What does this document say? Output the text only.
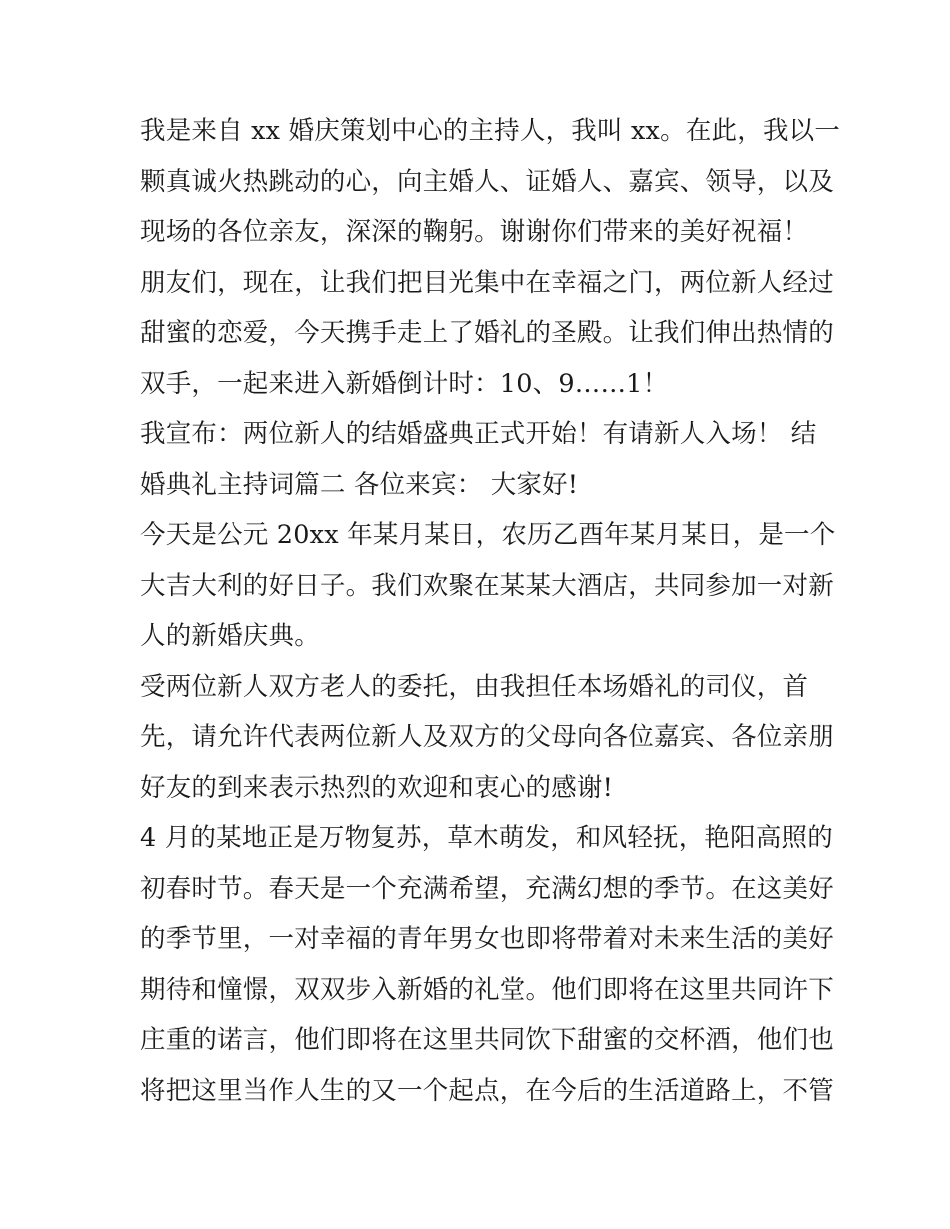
我是来自 xx 婚庆策划中心的主持人，我叫 xx。在此，我以一
颗真诚火热跳动的心，向主婚人、证婚人、嘉宾、领导，以及
现场的各位亲友，深深的鞠躬。谢谢你们带来的美好祝福！
朋友们，现在，让我们把目光集中在幸福之门，两位新人经过
甜蜜的恋爱，今天携手走上了婚礼的圣殿。让我们伸出热情的
双手，一起来进入新婚倒计时：10、9……1！
我宣布：两位新人的结婚盛典正式开始！有请新人入场！ 结
婚典礼主持词篇二 各位来宾： 大家好!
今天是公元 20xx 年某月某日，农历乙酉年某月某日，是一个
大吉大利的好日子。我们欢聚在某某大酒店，共同参加一对新
人的新婚庆典。
受两位新人双方老人的委托，由我担任本场婚礼的司仪，首
先，请允许代表两位新人及双方的父母向各位嘉宾、各位亲朋
好友的到来表示热烈的欢迎和衷心的感谢!
4 月的某地正是万物复苏，草木萌发，和风轻抚，艳阳高照的
初春时节。春天是一个充满希望，充满幻想的季节。在这美好
的季节里，一对幸福的青年男女也即将带着对未来生活的美好
期待和憧憬，双双步入新婚的礼堂。他们即将在这里共同许下
庄重的诺言，他们即将在这里共同饮下甜蜜的交杯酒，他们也
将把这里当作人生的又一个起点，在今后的生活道路上，不管
